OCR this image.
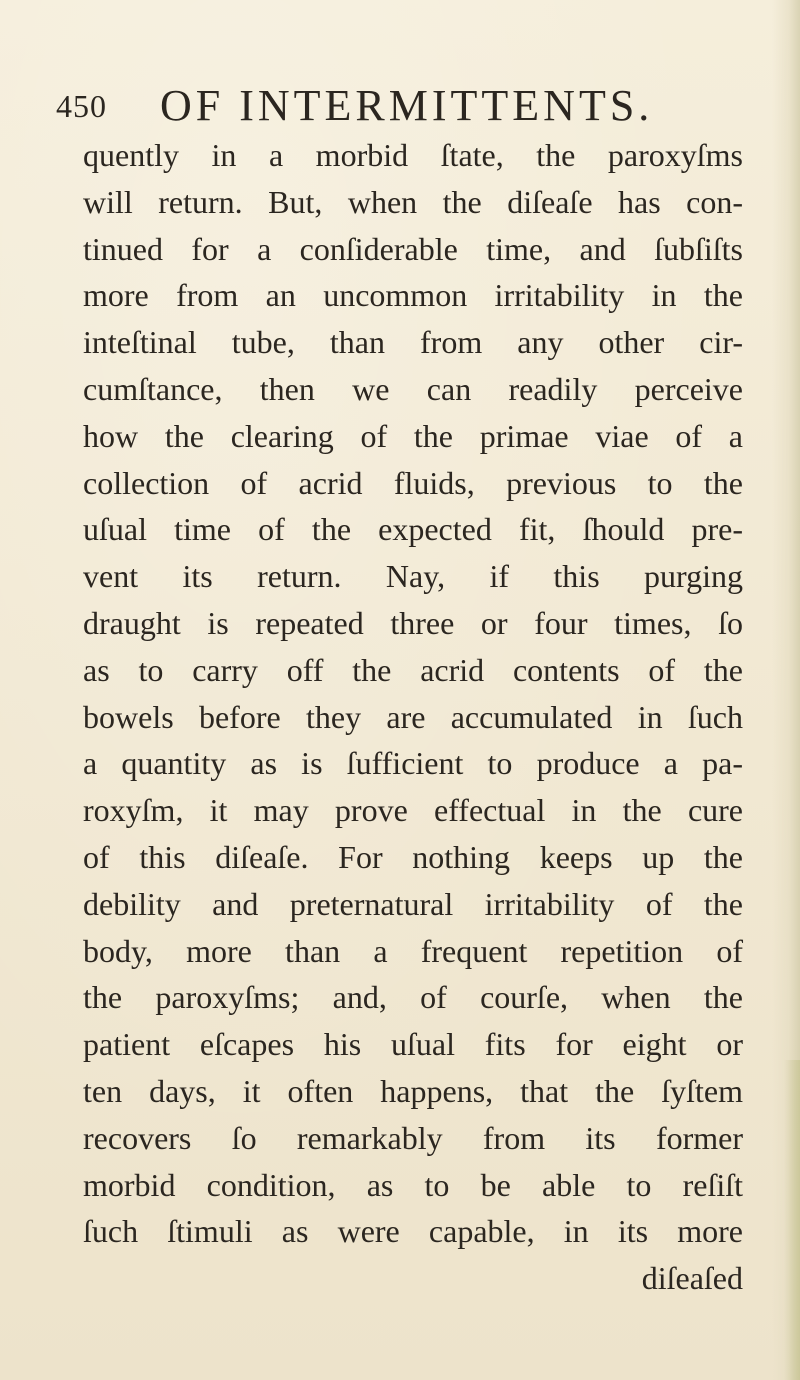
450 OF INTERMITTENTS.
quently in a morbid ſtate, the paroxyſms
will return. But, when the diſeaſe has con-
tinued for a conſiderable time, and ſubſiſts
more from an uncommon irritability in the
inteſtinal tube, than from any other cir-
cumſtance, then we can readily perceive
how the clearing of the primae viae of a
collection of acrid fluids, previous to the
uſual time of the expected fit, ſhould pre-
vent its return. Nay, if this purging
draught is repeated three or four times, ſo
as to carry off the acrid contents of the
bowels before they are accumulated in ſuch
a quantity as is ſufficient to produce a pa-
roxyſm, it may prove effectual in the cure
of this diſeaſe. For nothing keeps up the
debility and preternatural irritability of the
body, more than a frequent repetition of
the paroxyſms; and, of courſe, when the
patient eſcapes his uſual fits for eight or
ten days, it often happens, that the ſyſtem
recovers ſo remarkably from its former
morbid condition, as to be able to reſiſt
ſuch ſtimuli as were capable, in its more
diſeaſed
